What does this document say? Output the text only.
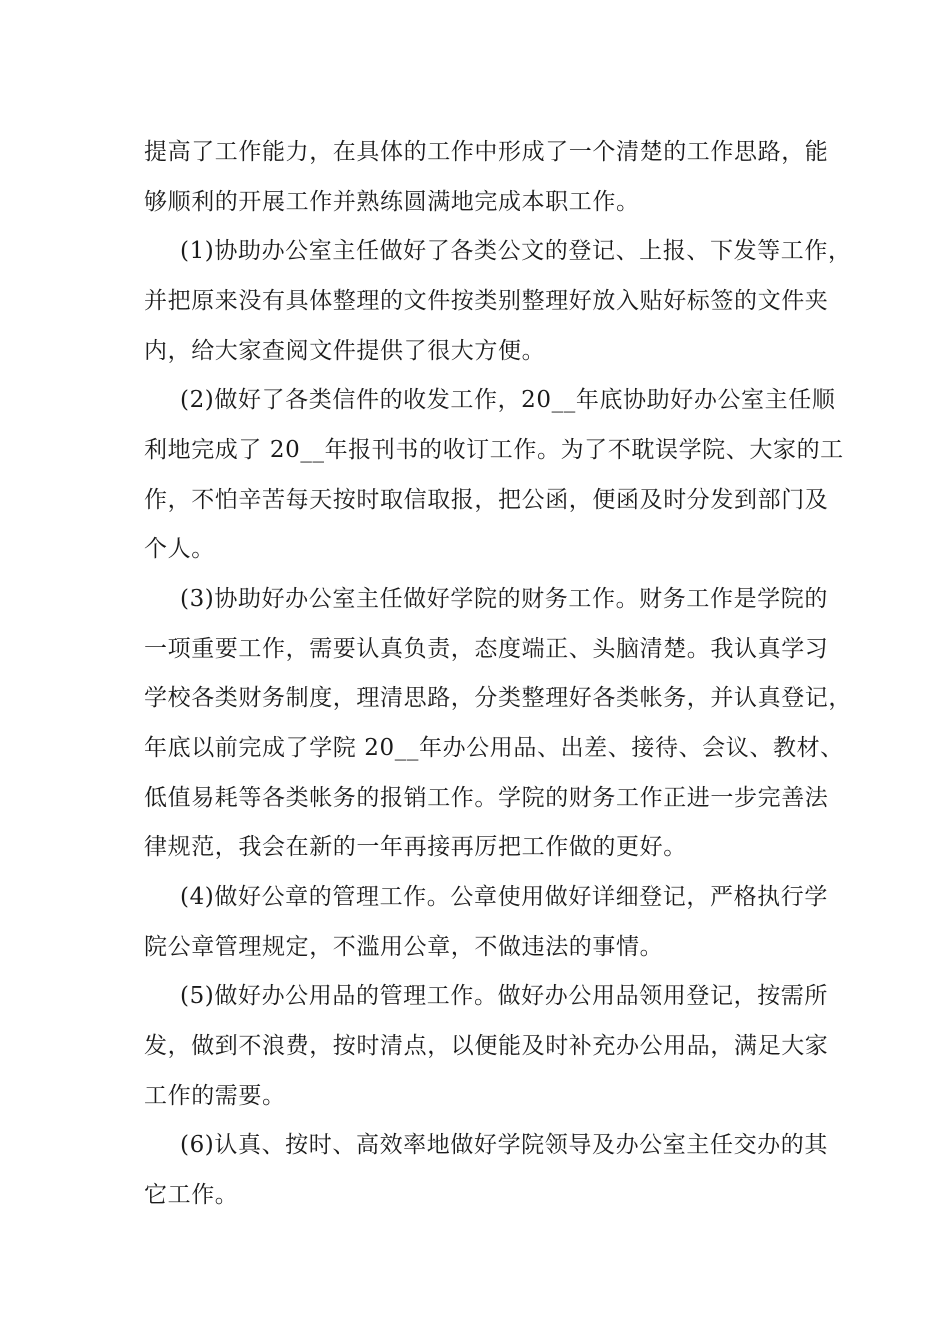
提高了工作能力，在具体的工作中形成了一个清楚的工作思路，能
够顺利的开展工作并熟练圆满地完成本职工作。
(1)协助办公室主任做好了各类公文的登记、上报、下发等工作，
并把原来没有具体整理的文件按类别整理好放入贴好标签的文件夹
内，给大家查阅文件提供了很大方便。
(2)做好了各类信件的收发工作，20__年底协助好办公室主任顺
利地完成了 20__年报刊书的收订工作。为了不耽误学院、大家的工
作，不怕辛苦每天按时取信取报，把公函，便函及时分发到部门及
个人。
(3)协助好办公室主任做好学院的财务工作。财务工作是学院的
一项重要工作，需要认真负责，态度端正、头脑清楚。我认真学习
学校各类财务制度，理清思路，分类整理好各类帐务，并认真登记，
年底以前完成了学院 20__年办公用品、出差、接待、会议、教材、
低值易耗等各类帐务的报销工作。学院的财务工作正进一步完善法
律规范，我会在新的一年再接再厉把工作做的更好。
(4)做好公章的管理工作。公章使用做好详细登记，严格执行学
院公章管理规定，不滥用公章，不做违法的事情。
(5)做好办公用品的管理工作。做好办公用品领用登记，按需所
发，做到不浪费，按时清点，以便能及时补充办公用品，满足大家
工作的需要。
(6)认真、按时、高效率地做好学院领导及办公室主任交办的其
它工作。
